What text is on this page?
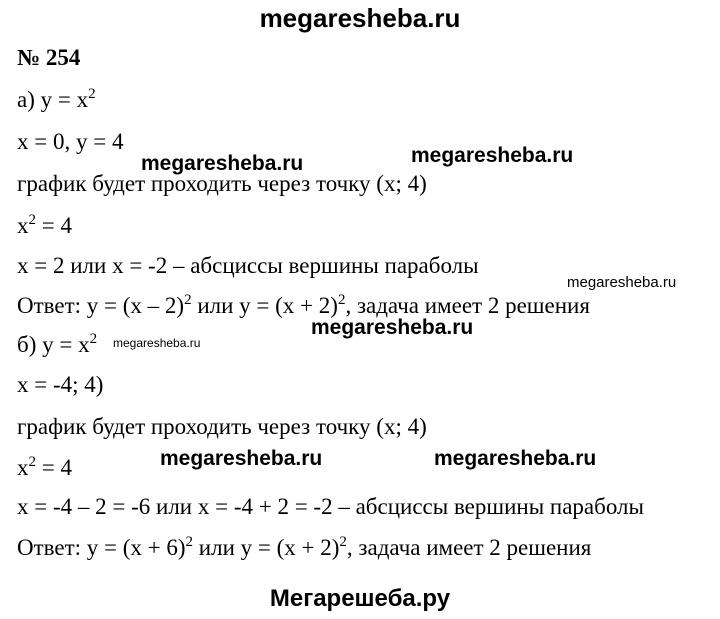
megaresheba.ru
№ 254
а) $y = x^2$
x = 0, y = 4
график будет проходить через точку (x; 4)
$x^2 = 4$
x = 2 или x = -2 – абсциссы вершины параболы
Ответ: y = (x – 2)$^2$ или $y = (x + 2)^2$, задача имеет 2 решения
б) $y = x^2$
x = -4; 4)
график будет проходить через точку (x; 4)
$x^2 = 4$
x = -4 – 2 = -6 или x = -4 + 2 = -2 – абсциссы вершины параболы
Ответ: $y = (x + 6)^2$ или $y = (x + 2)^2$, задача имеет 2 решения
megaresheba.ru	megaresheba.ru
megaresheba.ru
megaresheba.ru
megaresheba.ru
megaresheba.ru	megaresheba.ru
Мегарешеба.ру
